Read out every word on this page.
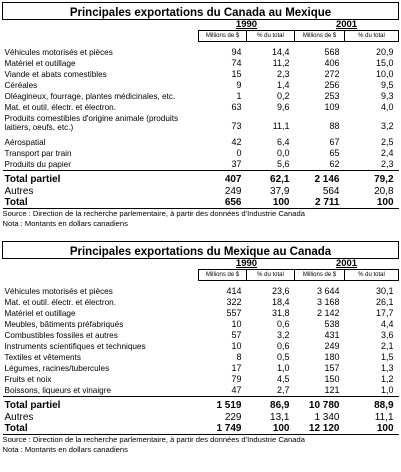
Principales exportations du Canada au Mexique				
	1990		2001	
	Millions de $	% du total	Millions de $	% du total
Véhicules motorisés et pièces	94	14,4	568	20,9
Matériel et outillage	74	11,2	406	15,0
Viande et abats comestibles	15	2,3	272	10,0
Céréales	9	1,4	256	9,5
Oléagineux, fourrage, plantes médicinales, etc.	1	0,2	253	9,3
Mat. et outil. électr. et électron.	63	9,6	109	4,0
Produits comestibles d'origine animale (produits laitiers, oeufs, etc.)	73	11,1	88	3,2
Aérospatial	42	6,4	67	2,5
Transport par train	0	0,0	65	2,4
Produits du papier	37	5,6	62	2,3
Total partiel	407	62,1	2 146	79,2
Autres	249	37,9	564	20,8
Total	656	100	2 711	100
Source : Direction de la recherche parlementaire, à partir des données d'Industrie Canada				
Nota : Montants en dollars canadiens				
Principales exportations du Mexique au Canada				
	1990		2001	
	Millions de $	% du total	Millions de $	% du total
Véhicules motorisés et pièces	414	23,6	3 644	30,1
Mat. et outil. électr. et électron.	322	18,4	3 168	26,1
Matériel et outillage	557	31,8	2 142	17,7
Meubles, bâtiments préfabriqués	10	0,6	538	4,4
Combustibles fossiles et autres	57	3,2	431	3,6
Instruments scientifiques et techniques	10	0,6	249	2,1
Textiles et vêtements	8	0,5	180	1,5
Légumes, racines/tubercules	17	1,0	157	1,3
Fruits et noix	79	4,5	150	1,2
Boissons, liqueurs et vinaigre	47	2,7	121	1,0
Total partiel	1 519	86,9	10 780	88,9
Autres	229	13,1	1 340	11,1
Total	1 749	100	12 120	100
Source : Direction de la recherche parlementaire, à partir des données d'Industrie Canada				
Nota : Montants en dollars canadiens				
